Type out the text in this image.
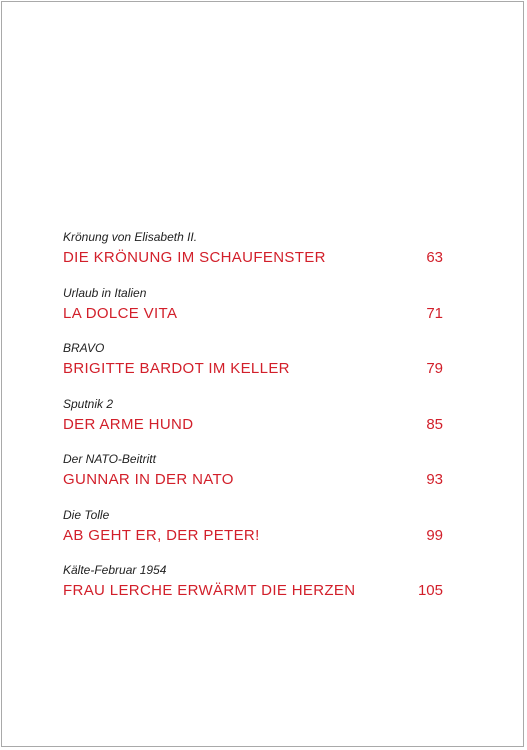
Krönung von Elisabeth II.
DIE KRÖNUNG IM SCHAUFENSTER	63
Urlaub in Italien
LA DOLCE VITA	71
BRAVO
BRIGITTE BARDOT IM KELLER	79
Sputnik 2
DER ARME HUND	85
Der NATO-Beitritt
GUNNAR IN DER NATO	93
Die Tolle
AB GEHT ER, DER PETER!	99
Kälte-Februar 1954
FRAU LERCHE ERWÄRMT DIE HERZEN	105
